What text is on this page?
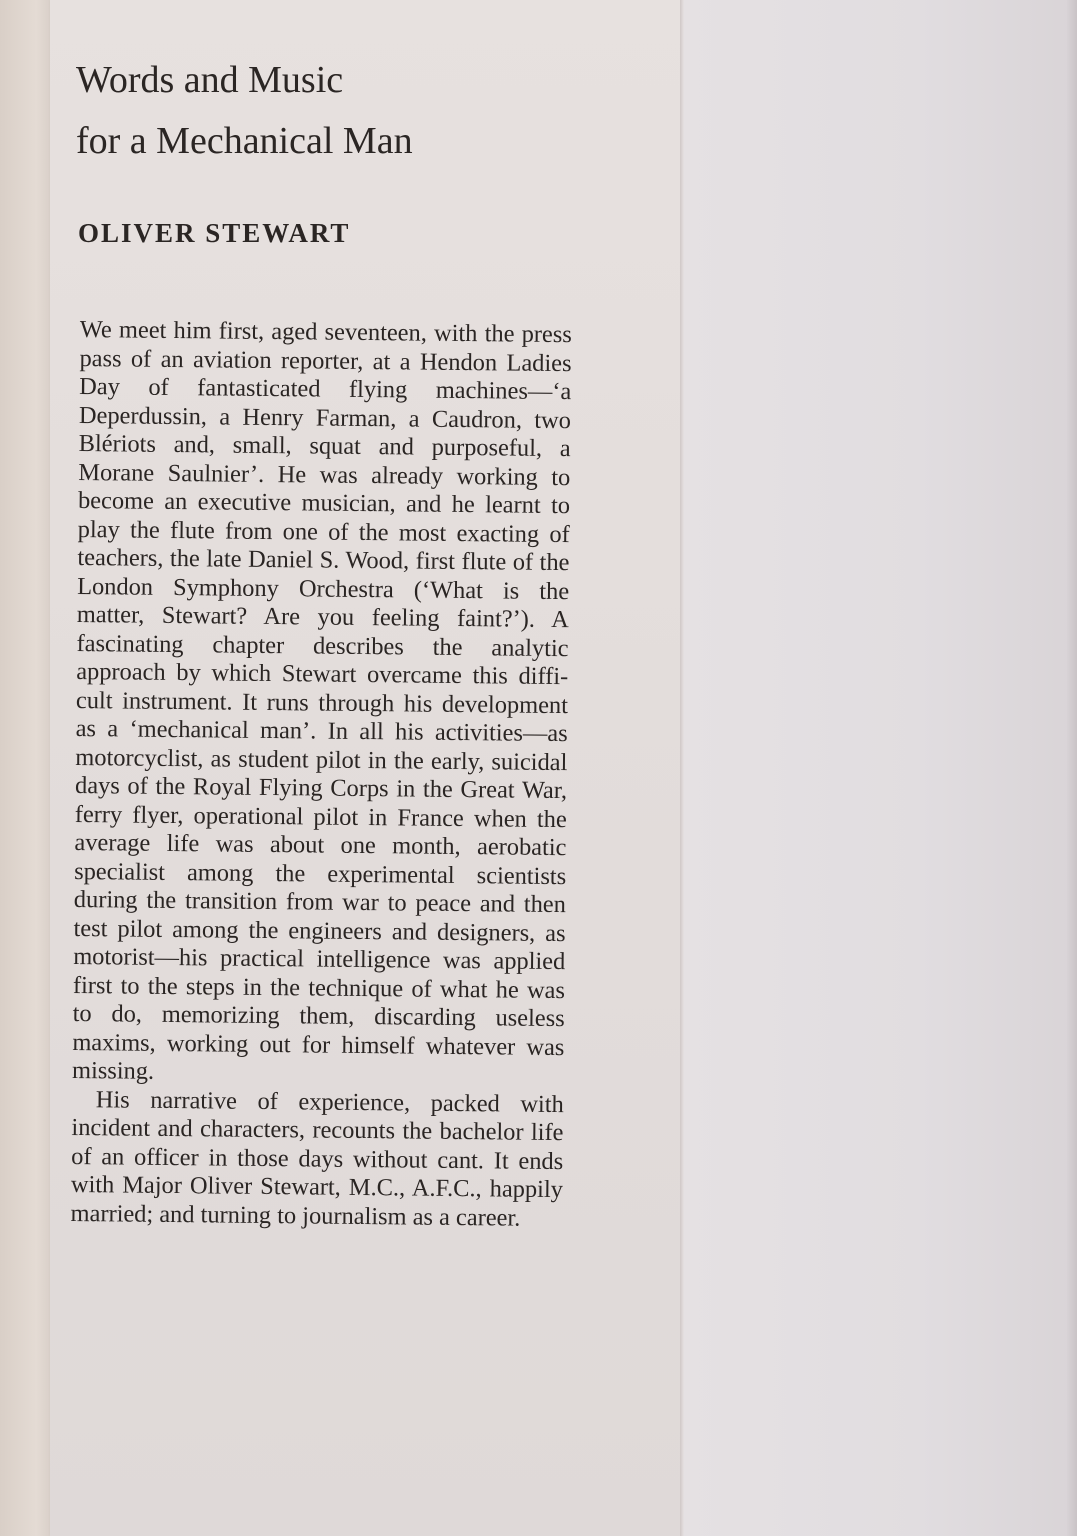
Words and Music
for a Mechanical Man
OLIVER STEWART

We meet him first, aged seventeen, with the press pass of an aviation reporter, at a Hendon Ladies Day of fantasticated flying machines—‘a Deperdussin, a Henry Farman, a Caudron, two Blériots and, small, squat and purposeful, a Morane Saulnier’. He was already working to become an executive musician, and he learnt to play the flute from one of the most exacting of teachers, the late Daniel S. Wood, first flute of the London Symphony Orchestra (‘What is the matter, Stewart? Are you feeling faint?’). A fascinating chapter describes the analytic approach by which Stewart overcame this difficult instrument. It runs through his development as a ‘mechanical man’. In all his activities—as motorcyclist, as student pilot in the early, suicidal days of the Royal Flying Corps in the Great War, ferry flyer, operational pilot in France when the average life was about one month, aerobatic specialist among the experimental scientists during the transition from war to peace and then test pilot among the engineers and designers, as motorist—his practical intelligence was applied first to the steps in the technique of what he was to do, memorizing them, discarding useless maxims, working out for himself whatever was missing.

His narrative of experience, packed with incident and characters, recounts the bachelor life of an officer in those days without cant. It ends with Major Oliver Stewart, M.C., A.F.C., happily married; and turning to journalism as a career.
